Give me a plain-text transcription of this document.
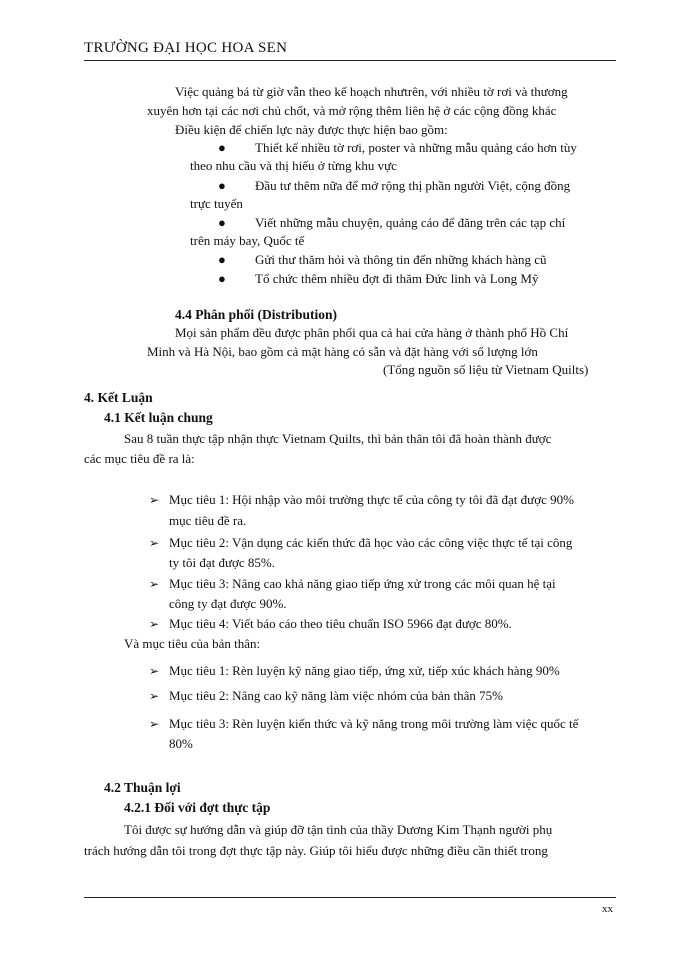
TRƯỜNG ĐẠI HỌC HOA SEN
Việc quảng bá từ giờ vẫn theo kế hoạch nhưtrên, với nhiều tờ rơi và thương
xuyên hơn tại các nơi chủ chốt, và mở rộng thêm liên hệ ở các cộng đồng khác
Điều kiện để chiến lực này được thực hiện bao gồm:
● Thiết kế nhiều tờ rơi, poster và những mẫu quảng cáo hơn tùy
theo nhu cầu và thị hiếu ở từng khu vực
● Đầu tư thêm nữa để mở rộng thị phần người Việt, cộng đồng
trực tuyến
● Viết những mẫu chuyện, quảng cáo để đăng trên các tạp chí
trên máy bay, Quốc tế
● Gửi thư thăm hỏi và thông tin đến những khách hàng cũ
● Tổ chức thêm nhiều đợt đi thăm Đức linh và Long Mỹ
4.4 Phân phối (Distribution)
Mọi sản phẩm đều được phân phối qua cả hai cửa hàng ở thành phố Hồ Chí
Minh và Hà Nội, bao gồm cả mặt hàng có sẵn và đặt hàng với số lượng lớn
(Tổng nguồn số liệu từ Vietnam Quilts)
4. Kết Luận
4.1 Kết luận chung
Sau 8 tuần thực tập nhận thực Vietnam Quilts, thì bản thân tôi đã hoàn thành được
các mục tiêu đề ra là:
➢ Mục tiêu 1: Hội nhập vào môi trường thực tế của công ty tôi đã đạt được 90%
mục tiêu đề ra.
➢ Mục tiêu 2: Vận dụng các kiến thức đã học vào các công việc thực tế tại công
ty tôi đạt được 85%.
➢ Mục tiêu 3: Nâng cao khả năng giao tiếp ứng xử trong các môi quan hệ tại
công ty đạt được 90%.
➢ Mục tiêu 4: Viết báo cáo theo tiêu chuẩn ISO 5966 đạt được 80%.
Và mục tiêu của bản thân:
➢ Mục tiêu 1: Rèn luyện kỹ năng giao tiếp, ứng xử, tiếp xúc khách hàng 90%
➢ Mục tiêu 2: Nâng cao kỹ năng làm việc nhóm của bản thân 75%
➢ Mục tiêu 3: Rèn luyện kiến thức và kỹ năng trong môi trường làm việc quốc tế
80%
4.2 Thuận lợi
4.2.1 Đối với đợt thực tập
Tôi được sự hướng dẫn và giúp đỡ tận tình của thầy Dương Kim Thạnh người phụ
trách hướng dẫn tôi trong đợt thực tập này. Giúp tôi hiểu được những điều cần thiết trong
xx
